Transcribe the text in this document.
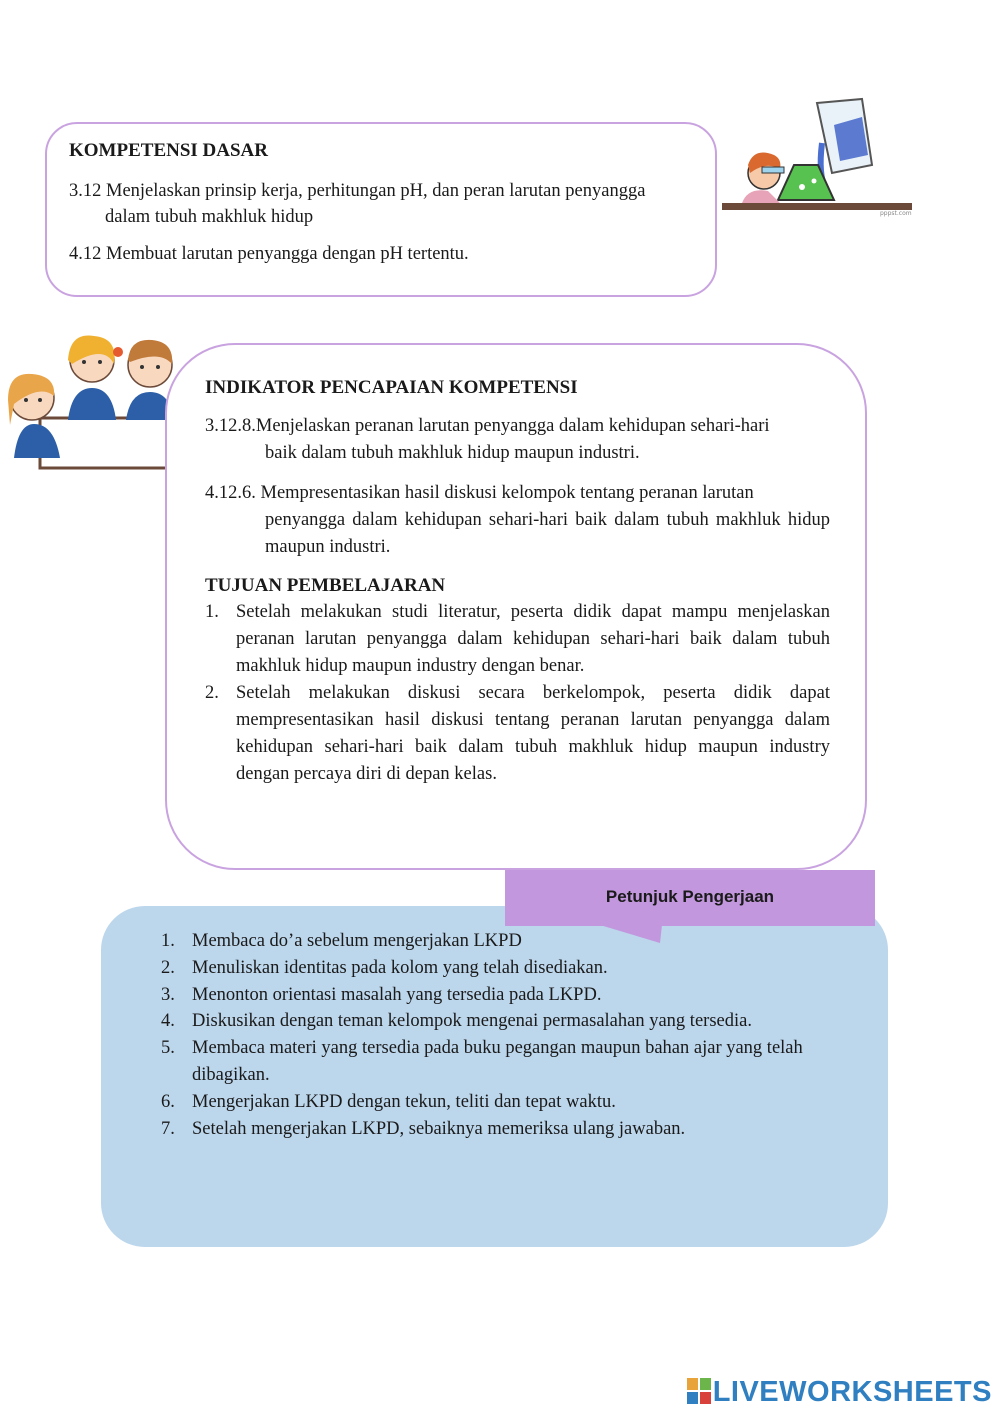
KOMPETENSI DASAR
3.12 Menjelaskan prinsip kerja, perhitungan pH, dan peran larutan penyangga
dalam tubuh makhluk hidup
4.12 Membuat larutan penyangga dengan pH tertentu.
pppst.com
INDIKATOR PENCAPAIAN KOMPETENSI
3.12.8.Menjelaskan peranan larutan penyangga dalam kehidupan sehari-hari
baik dalam tubuh makhluk hidup maupun industri.
4.12.6. Mempresentasikan hasil diskusi kelompok tentang peranan larutan
penyangga dalam kehidupan sehari-hari baik dalam tubuh makhluk hidup maupun industri.
TUJUAN PEMBELAJARAN
1. Setelah melakukan studi literatur, peserta didik dapat mampu menjelaskan peranan larutan penyangga dalam kehidupan sehari-hari baik dalam tubuh makhluk hidup maupun industry dengan benar.
2. Setelah melakukan diskusi secara berkelompok, peserta didik dapat mempresentasikan hasil diskusi tentang peranan larutan penyangga dalam kehidupan sehari-hari baik dalam tubuh makhluk hidup maupun industry dengan percaya diri di depan kelas.
1. Membaca do’a sebelum mengerjakan LKPD
2. Menuliskan identitas pada kolom yang telah disediakan.
3. Menonton orientasi masalah yang tersedia pada LKPD.
4. Diskusikan dengan teman kelompok mengenai permasalahan yang tersedia.
5. Membaca materi yang tersedia pada buku pegangan maupun bahan ajar yang telah dibagikan.
6. Mengerjakan LKPD dengan tekun, teliti dan tepat waktu.
7. Setelah mengerjakan LKPD, sebaiknya memeriksa ulang jawaban.
Petunjuk Pengerjaan
LIVEWORKSHEETS
